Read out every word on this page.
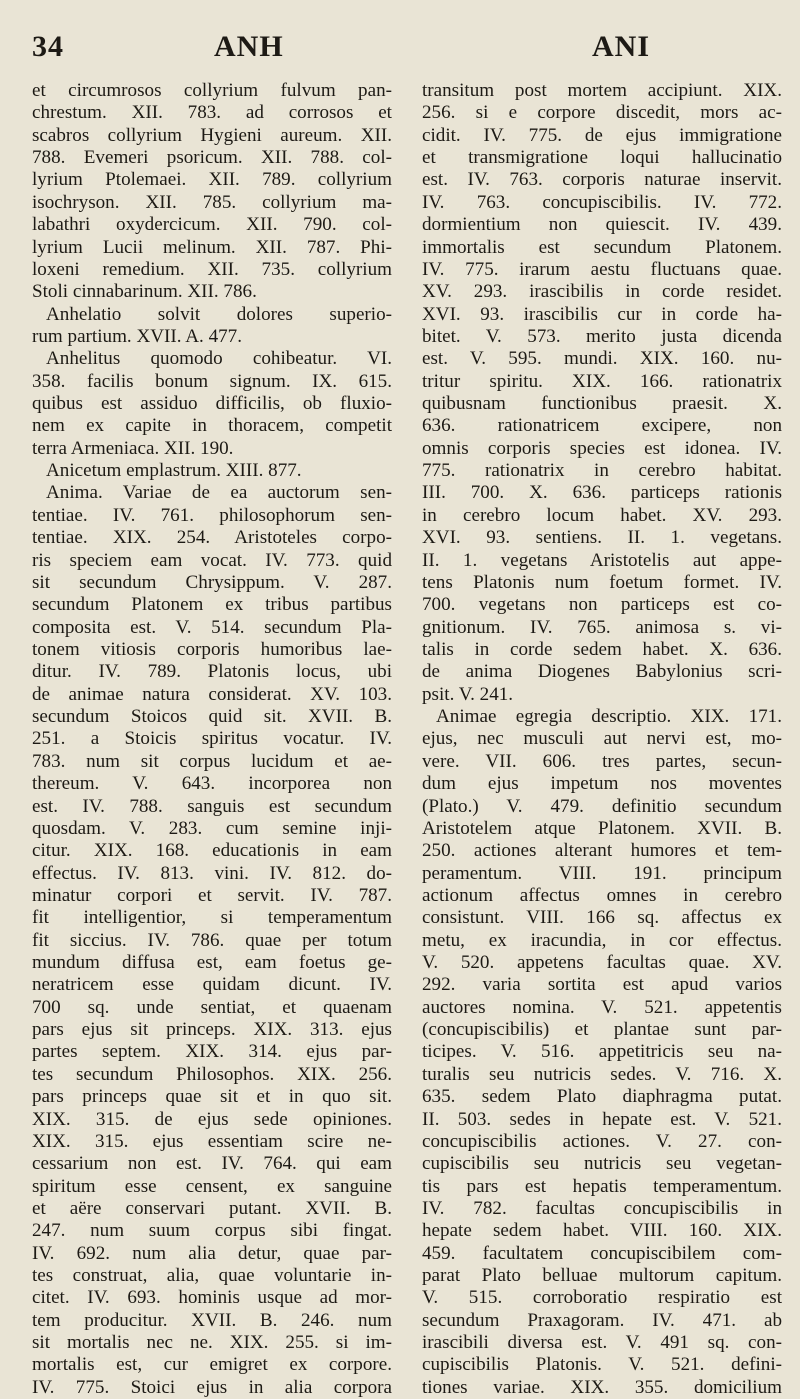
34	ANH	ANI
et circumrosos collyrium fulvum pan-
chrestum. XII. 783. ad corrosos et
scabros collyrium Hygieni aureum. XII.
788. Evemeri psoricum. XII. 788. col-
lyrium Ptolemaei. XII. 789. collyrium
isochryson. XII. 785. collyrium ma-
labathri oxydercicum. XII. 790. col-
lyrium Lucii melinum. XII. 787. Phi-
loxeni remedium. XII. 735. collyrium
Stoli cinnabarinum. XII. 786.
Anhelatio solvit dolores superio-
rum partium. XVII. A. 477.
Anhelitus quomodo cohibeatur. VI.
358. facilis bonum signum. IX. 615.
quibus est assiduo difficilis, ob fluxio-
nem ex capite in thoracem, competit
terra Armeniaca. XII. 190.
Anicetum emplastrum. XIII. 877.
Anima. Variae de ea auctorum sen-
tentiae. IV. 761. philosophorum sen-
tentiae. XIX. 254. Aristoteles corpo-
ris speciem eam vocat. IV. 773. quid
sit secundum Chrysippum. V. 287.
secundum Platonem ex tribus partibus
composita est. V. 514. secundum Pla-
tonem vitiosis corporis humoribus lae-
ditur. IV. 789. Platonis locus, ubi
de animae natura considerat. XV. 103.
secundum Stoicos quid sit. XVII. B.
251. a Stoicis spiritus vocatur. IV.
783. num sit corpus lucidum et ae-
thereum. V. 643. incorporea non
est. IV. 788. sanguis est secundum
quosdam. V. 283. cum semine inji-
citur. XIX. 168. educationis in eam
effectus. IV. 813. vini. IV. 812. do-
minatur corpori et servit. IV. 787.
fit intelligentior, si temperamentum
fit siccius. IV. 786. quae per totum
mundum diffusa est, eam foetus ge-
neratricem esse quidam dicunt. IV.
700 sq. unde sentiat, et quaenam
pars ejus sit princeps. XIX. 313. ejus
partes septem. XIX. 314. ejus par-
tes secundum Philosophos. XIX. 256.
pars princeps quae sit et in quo sit.
XIX. 315. de ejus sede opiniones.
XIX. 315. ejus essentiam scire ne-
cessarium non est. IV. 764. qui eam
spiritum esse censent, ex sanguine
et aëre conservari putant. XVII. B.
247. num suum corpus sibi fingat.
IV. 692. num alia detur, quae par-
tes construat, alia, quae voluntarie in-
citet. IV. 693. hominis usque ad mor-
tem producitur. XVII. B. 246. num
sit mortalis nec ne. XIX. 255. si im-
mortalis est, cur emigret ex corpore.
IV. 775. Stoici ejus in alia corpora
transitum post mortem accipiunt. XIX.
256. si e corpore discedit, mors ac-
cidit. IV. 775. de ejus immigratione
et transmigratione loqui hallucinatio
est. IV. 763. corporis naturae inservit.
IV. 763. concupiscibilis. IV. 772.
dormientium non quiescit. IV. 439.
immortalis est secundum Platonem.
IV. 775. irarum aestu fluctuans quae.
XV. 293. irascibilis in corde residet.
XVI. 93. irascibilis cur in corde ha-
bitet. V. 573. merito justa dicenda
est. V. 595. mundi. XIX. 160. nu-
tritur spiritu. XIX. 166. rationatrix
quibusnam functionibus praesit. X.
636. rationatricem excipere, non
omnis corporis species est idonea. IV.
775. rationatrix in cerebro habitat.
III. 700. X. 636. particeps rationis
in cerebro locum habet. XV. 293.
XVI. 93. sentiens. II. 1. vegetans.
II. 1. vegetans Aristotelis aut appe-
tens Platonis num foetum formet. IV.
700. vegetans non particeps est co-
gnitionum. IV. 765. animosa s. vi-
talis in corde sedem habet. X. 636.
de anima Diogenes Babylonius scri-
psit. V. 241.
Animae egregia descriptio. XIX. 171.
ejus, nec musculi aut nervi est, mo-
vere. VII. 606. tres partes, secun-
dum ejus impetum nos moventes
(Plato.) V. 479. definitio secundum
Aristotelem atque Platonem. XVII. B.
250. actiones alterant humores et tem-
peramentum. VIII. 191. principum
actionum affectus omnes in cerebro
consistunt. VIII. 166 sq. affectus ex
metu, ex iracundia, in cor effectus.
V. 520. appetens facultas quae. XV.
292. varia sortita est apud varios
auctores nomina. V. 521. appetentis
(concupiscibilis) et plantae sunt par-
ticipes. V. 516. appetitricis seu na-
turalis seu nutricis sedes. V. 716. X.
635. sedem Plato diaphragma putat.
II. 503. sedes in hepate est. V. 521.
concupiscibilis actiones. V. 27. con-
cupiscibilis seu nutricis seu vegetan-
tis pars est hepatis temperamentum.
IV. 782. facultas concupiscibilis in
hepate sedem habet. VIII. 160. XIX.
459. facultatem concupiscibilem com-
parat Plato belluae multorum capitum.
V. 515. corroboratio respiratio est
secundum Praxagoram. IV. 471. ab
irascibili diversa est. V. 491 sq. con-
cupiscibilis Platonis. V. 521. defini-
tiones variae. XIX. 355. domicilium
